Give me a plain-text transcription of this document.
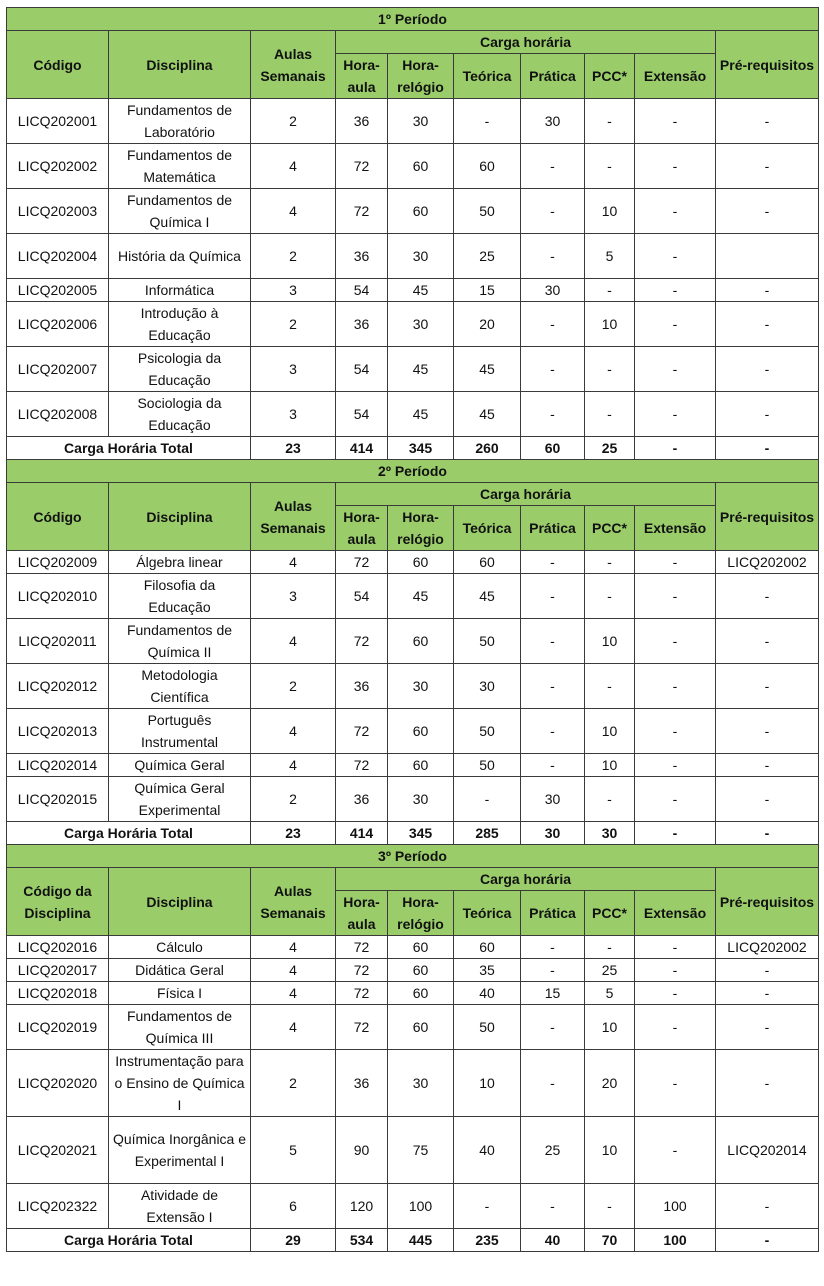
1º Período									
Código	Disciplina	Aulas Semanais	Carga horária						Pré-requisitos
			Hora-aula	Hora-relógio	Teórica	Prática	PCC*	Extensão	
LICQ202001	Fundamentos de Laboratório	2	36	30	-	30	-	-	-
LICQ202002	Fundamentos de Matemática	4	72	60	60	-	-	-	-
LICQ202003	Fundamentos de Química I	4	72	60	50	-	10	-	-
LICQ202004	História da Química	2	36	30	25	-	5	-	
LICQ202005	Informática	3	54	45	15	30	-	-	-
LICQ202006	Introdução à Educação	2	36	30	20	-	10	-	-
LICQ202007	Psicologia da Educação	3	54	45	45	-	-	-	-
LICQ202008	Sociologia da Educação	3	54	45	45	-	-	-	-
Carga Horária Total		23	414	345	260	60	25	-	-
2º Período									
Código	Disciplina	Aulas Semanais	Carga horária						Pré-requisitos
			Hora-aula	Hora-relógio	Teórica	Prática	PCC*	Extensão	
LICQ202009	Álgebra linear	4	72	60	60	-	-	-	LICQ202002
LICQ202010	Filosofia da Educação	3	54	45	45	-	-	-	-
LICQ202011	Fundamentos de Química II	4	72	60	50	-	10	-	-
LICQ202012	Metodologia Científica	2	36	30	30	-	-	-	-
LICQ202013	Português Instrumental	4	72	60	50	-	10	-	-
LICQ202014	Química Geral	4	72	60	50	-	10	-	-
LICQ202015	Química Geral Experimental	2	36	30	-	30	-	-	-
Carga Horária Total		23	414	345	285	30	30	-	-
3º Período									
Código da Disciplina	Disciplina	Aulas Semanais	Carga horária						Pré-requisitos
			Hora-aula	Hora-relógio	Teórica	Prática	PCC*	Extensão	
LICQ202016	Cálculo	4	72	60	60	-	-	-	LICQ202002
LICQ202017	Didática Geral	4	72	60	35	-	25	-	-
LICQ202018	Física I	4	72	60	40	15	5	-	-
LICQ202019	Fundamentos de Química III	4	72	60	50	-	10	-	-
LICQ202020	Instrumentação para o Ensino de Química I	2	36	30	10	-	20	-	-
LICQ202021	Química Inorgânica e Experimental I	5	90	75	40	25	10	-	LICQ202014
LICQ202322	Atividade de Extensão I	6	120	100	-	-	-	100	-
Carga Horária Total		29	534	445	235	40	70	100	-
